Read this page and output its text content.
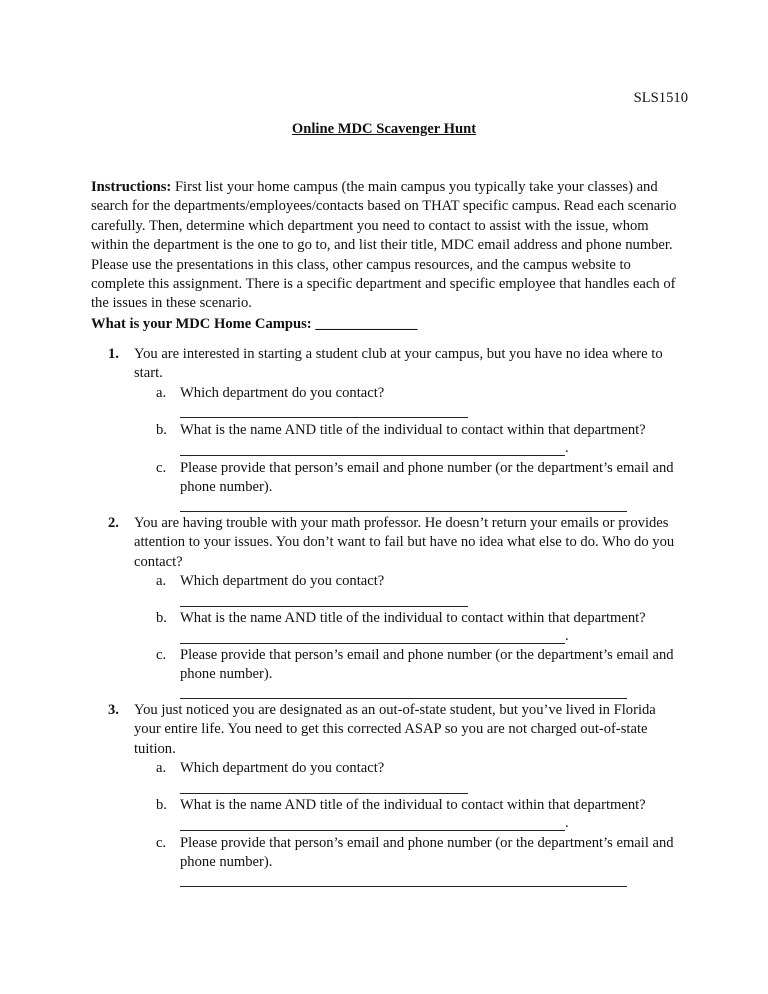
SLS1510
Online MDC Scavenger Hunt
Instructions: First list your home campus (the main campus you typically take your classes) and search for the departments/employees/contacts based on THAT specific campus. Read each scenario carefully. Then, determine which department you need to contact to assist with the issue, whom within the department is the one to go to, and list their title, MDC email address and phone number. Please use the presentations in this class, other campus resources, and the campus website to complete this assignment. There is a specific department and specific employee that handles each of the issues in these scenario.
What is your MDC Home Campus: ______________
1. You are interested in starting a student club at your campus, but you have no idea where to start.
a. Which department do you contact?
b. What is the name AND title of the individual to contact within that department?
.
c. Please provide that person’s email and phone number (or the department’s email and phone number).
2. You are having trouble with your math professor. He doesn’t return your emails or provides attention to your issues. You don’t want to fail but have no idea what else to do. Who do you contact?
a. Which department do you contact?
b. What is the name AND title of the individual to contact within that department?
.
c. Please provide that person’s email and phone number (or the department’s email and phone number).
3. You just noticed you are designated as an out-of-state student, but you’ve lived in Florida your entire life. You need to get this corrected ASAP so you are not charged out-of-state tuition.
a. Which department do you contact?
b. What is the name AND title of the individual to contact within that department?
.
c. Please provide that person’s email and phone number (or the department’s email and phone number).
